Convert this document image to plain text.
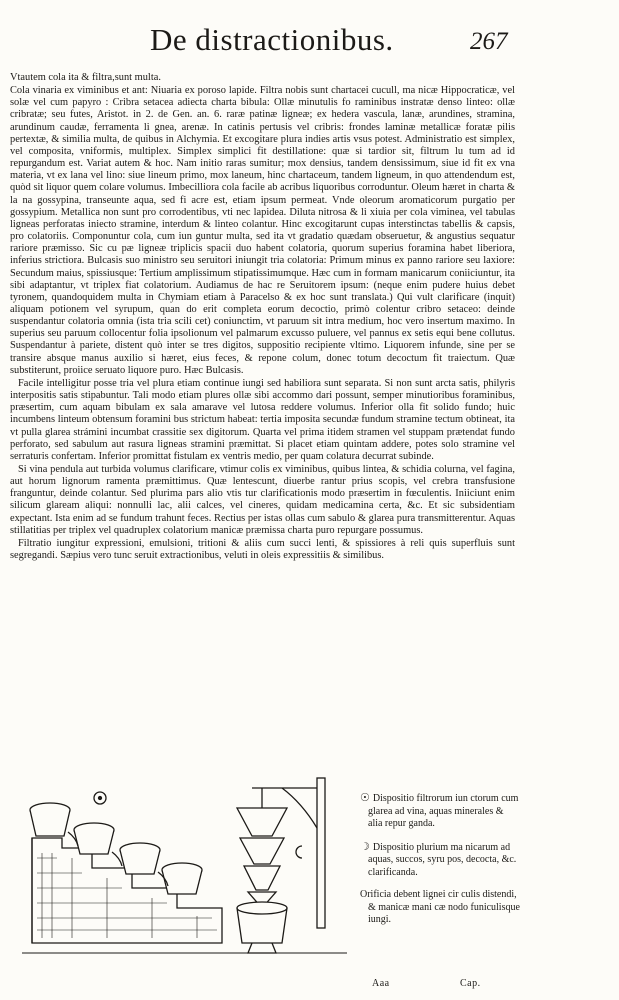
De distractionibus.	267

Vtautem cola ita & filtra,sunt multa.

Cola vinaria ex viminibus et ant: Niuaria ex poroso lapide. Filtra nobis sunt chartacei cucull, ma nicæ Hippocraticæ, vel solæ vel cum papyro : Cribra setacea adiecta charta bibula: Ollæ minutulis fo raminibus instratæ denso linteo: ollæ cribratæ; seu futes, Aristot. in 2. de Gen. an. 6. raræ patinæ ligneæ; ex hedera vascula, lanæ, arundines, stramina, arundinum caudæ, ferramenta li gnea, arenæ. In catinis pertusis vel cribris: frondes laminæ metallicæ foratæ pilis pertextæ, & similia multa, de quibus in Alchymia. Et excogitare plura indies artis vsus potest. Administratio est simplex, vel composita, vniformis, multiplex. Simplex simplici fit destillatione: quæ si tardior sit, filtrum lu tum ad id repurgandum est. Variat autem & hoc. Nam initio raras sumitur; mox densius, tandem densissimum, siue id fit ex vna materia, vt ex lana vel lino: siue lineum primo, mox laneum, hinc chartaceum, tandem ligneum, in quo attendendum est, quòd sit liquor quem colare volumus. Imbecilliora cola facile ab acribus liquoribus corroduntur. Oleum hæret in charta & la na gossypina, transeunte aqua, sed fi acre est, etiam ipsum permeat. Vnde oleorum aromaticorum purgatio per gossypium. Metallica non sunt pro corrodentibus, vti nec lapidea. Diluta nitrosa & li xiuia per cola viminea, vel tabulas ligneas perforatas iniecto stramine, interdum & linteo colantur. Hinc excogitarunt cupas interstinctas tabellis & capsis, pro colatoriis. Componuntur cola, cum iun guntur multa, sed ita vt gradatio quædam obseruetur, & angustius sequatur rariore præmisso. Sic cu pæ ligneæ triplicis spacii duo habent colatoria, quorum superius foramina habet liberiora, inferius strictiora. Bulcasis suo ministro seu seruitori iniungit tria colatoria: Primum minus ex panno rariore seu laxiore: Secundum maius, spissiusque: Tertium amplissimum stipatissimumque. Hæc cum in formam manicarum coniiciuntur, ita sibi adaptantur, vt triplex fiat colatorium. Audiamus de hac re Seruitorem ipsum: (neque enim pudere huius debet tyronem, quandoquidem multa in Chymiam etiam à Paracelso & ex hoc sunt translata.) Qui vult clarificare (inquit) aliquam potionem vel syrupum, quan do erit completa eorum decoctio, primò colentur cribro setaceo: deinde suspendantur colatoria omnia (ista tria scili cet) coniunctim, vt paruum sit intra medium, hoc vero insertum maximo. In superius seu paruum collocentur folia ipsolionum vel palmarum excusso puluere, vel pannus ex setis equi bene collutus. Suspendantur à pariete, distent quò inter se tres digitos, suppositio recipiente vltimo. Liquorem infunde, sine per se transire absque manus auxilio si hæret, eius feces, & repone colum, donec totum decoctum fit traiectum. Quæ substiterunt, proiice seruato liquore puro. Hæc Bulcasis.

Facile intelligitur posse tria vel plura etiam continue iungi sed habiliora sunt separata. Si non sunt arcta satis, philyris interpositis satis stipabuntur. Tali modo etiam plures ollæ sibi accommo dari possunt, semper minutioribus foraminibus, præsertim, cum aquam bibulam ex sala amarave vel lutosa reddere volumus. Inferior olla fit solido fundo; huic incumbens linteum obtensum foramini bus strictum habeat: tertia imposita secundæ fundum stramine tectum obtineat, ita vt pulla glarea strámini incumbat crassitie sex digitorum. Quarta vel prima itidem stramen vel stuppam prætendat fundo perforato, sed sabulum aut rasura ligneas stramini præmittat. Si placet etiam quintam addere, potes solo stramine vel serraturis confertam. Inferior promittat fistulam ex ventris medio, per quam colatura decurrat subinde.

Si vina pendula aut turbida volumus clarificare, vtimur colis ex viminibus, quibus lintea, & schidia colurna, vel fagina, aut horum lignorum ramenta præmittimus. Quæ lentescunt, diuerbe rantur prius scopis, vel crebra transfusione franguntur, deinde colantur. Sed plurima pars alio vtis tur clarificationis modo præsertim in fœculentis. Iniiciunt enim silicum glaream aliqui: nonnulli lac, alii calces, vel cineres, quidam medicamina certa, &c. Et sic subsidentiam expectant. Ista enim ad se fundum trahunt feces. Rectius per istas ollas cum sabulo & glarea pura transmitterentur. Aquas stillatitias per triplex vel quadruplex colatorium manicæ præmissa charta puro repurgare possumus.

Filtratio iungitur expressioni, emulsioni, tritioni & aliis cum succi lenti, & spissiores à reli quis superfluis sunt segregandi. Sæpius vero tunc seruit extractionibus, veluti in oleis expressitiis & similibus.

☉ Dispositio filtrorum iun ctorum cum glarea ad vina, aquas minerales & alia repur ganda.

☽ Dispositio plurium ma nicarum ad aquas, succos, syru pos, decocta, &c. clarificanda.

Orificia debent lignei cir culis distendi, & manicæ mani cæ nodo funiculisque iungi.

Aaa	Cap.
